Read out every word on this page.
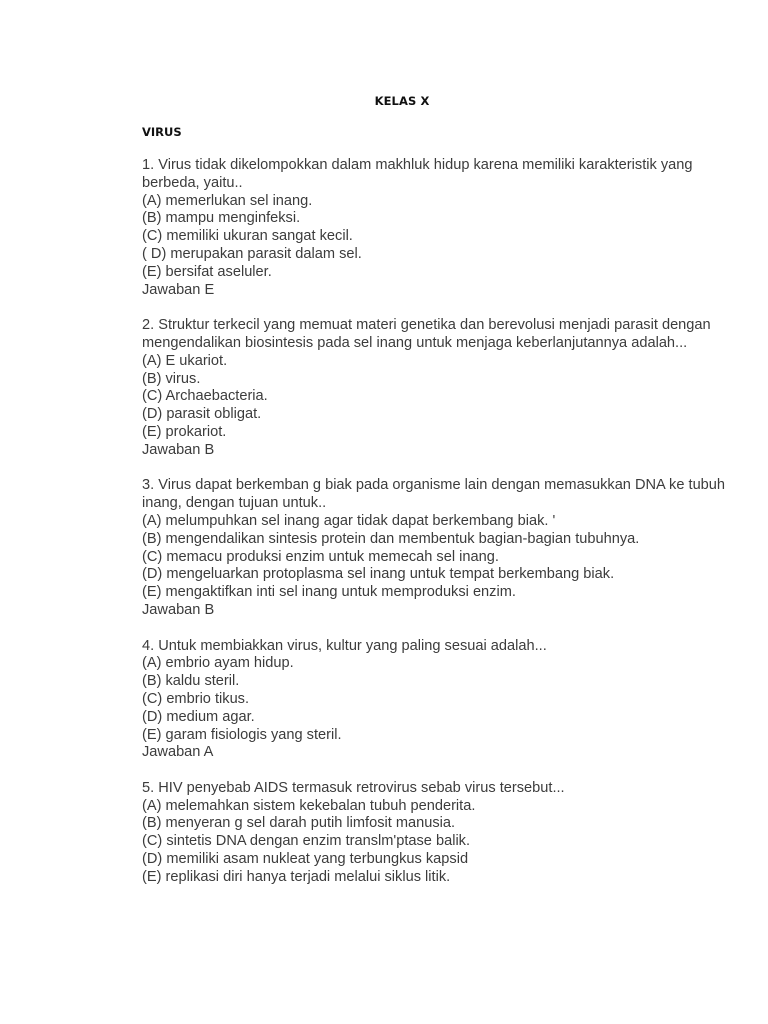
KELAS X
VIRUS
1. Virus tidak dikelompokkan dalam makhluk hidup karena memiliki karakteristik yang berbeda, yaitu..
(A) memerlukan sel inang.
(B) mampu menginfeksi.
(C) memiliki ukuran sangat kecil.
( D) merupakan parasit dalam sel.
(E) bersifat aseluler.
Jawaban E
2. Struktur terkecil yang memuat materi genetika dan berevolusi menjadi parasit dengan mengendalikan biosintesis pada sel inang untuk menjaga keberlanjutannya adalah...
(A) E ukariot.
(B) virus.
(C) Archaebacteria.
(D) parasit obligat.
(E) prokariot.
Jawaban B
3. Virus dapat berkemban g biak pada organisme lain dengan memasukkan DNA ke tubuh inang, dengan tujuan untuk..
(A) melumpuhkan sel inang agar tidak dapat berkembang biak. '
(B) mengendalikan sintesis protein dan membentuk bagian-bagian tubuhnya.
(C) memacu produksi enzim untuk memecah sel inang.
(D) mengeluarkan protoplasma sel inang untuk tempat berkembang biak.
(E) mengaktifkan inti sel inang untuk memproduksi enzim.
Jawaban B
4. Untuk membiakkan virus, kultur yang paling sesuai adalah...
(A) embrio ayam hidup.
(B) kaldu steril.
(C) embrio tikus.
(D) medium agar.
(E) garam fisiologis yang steril.
Jawaban A
5. HIV penyebab AIDS termasuk retrovirus sebab virus tersebut...
(A) melemahkan sistem kekebalan tubuh penderita.
(B) menyeran g sel darah putih limfosit manusia.
(C) sintetis DNA dengan enzim translm'ptase balik.
(D) memiliki asam nukleat yang terbungkus kapsid
(E) replikasi diri hanya terjadi melalui siklus litik.
